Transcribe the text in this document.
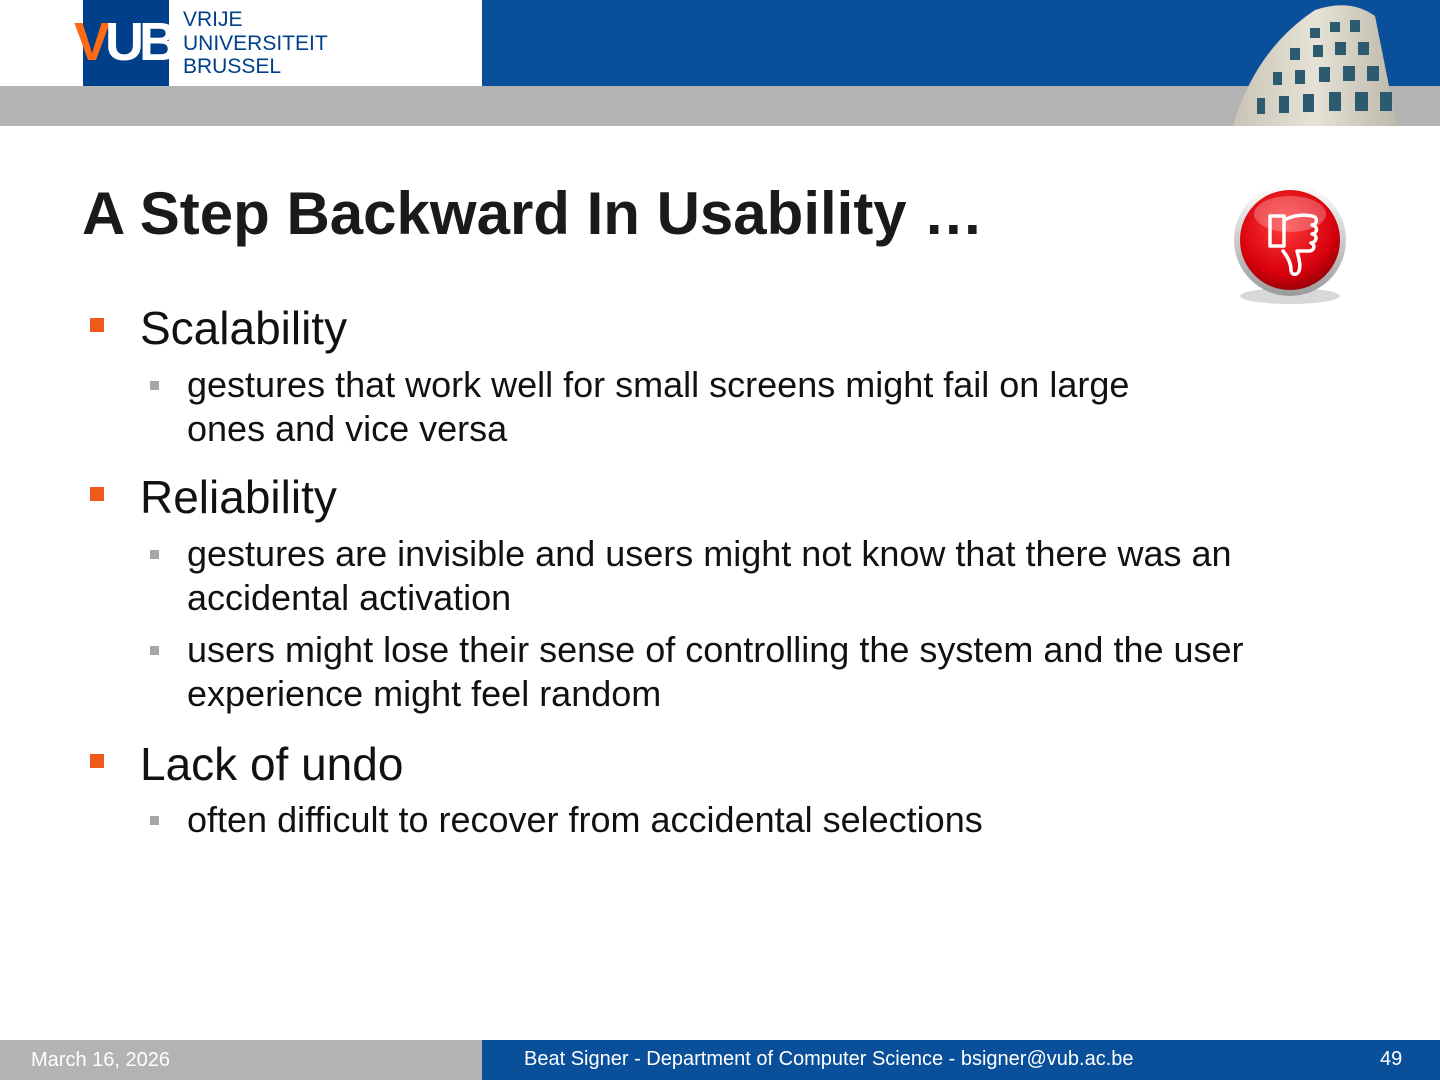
VUB VRIJE
UNIVERSITEIT
BRUSSEL
A Step Backward In Usability …
Scalability
gestures that work well for small screens might fail on large ones and vice versa
Reliability
gestures are invisible and users might not know that there was an accidental activation
users might lose their sense of controlling the system and the user experience might feel random
Lack of undo
often difficult to recover from accidental selections
March 16, 2026	Beat Signer - Department of Computer Science - bsigner@vub.ac.be	49
